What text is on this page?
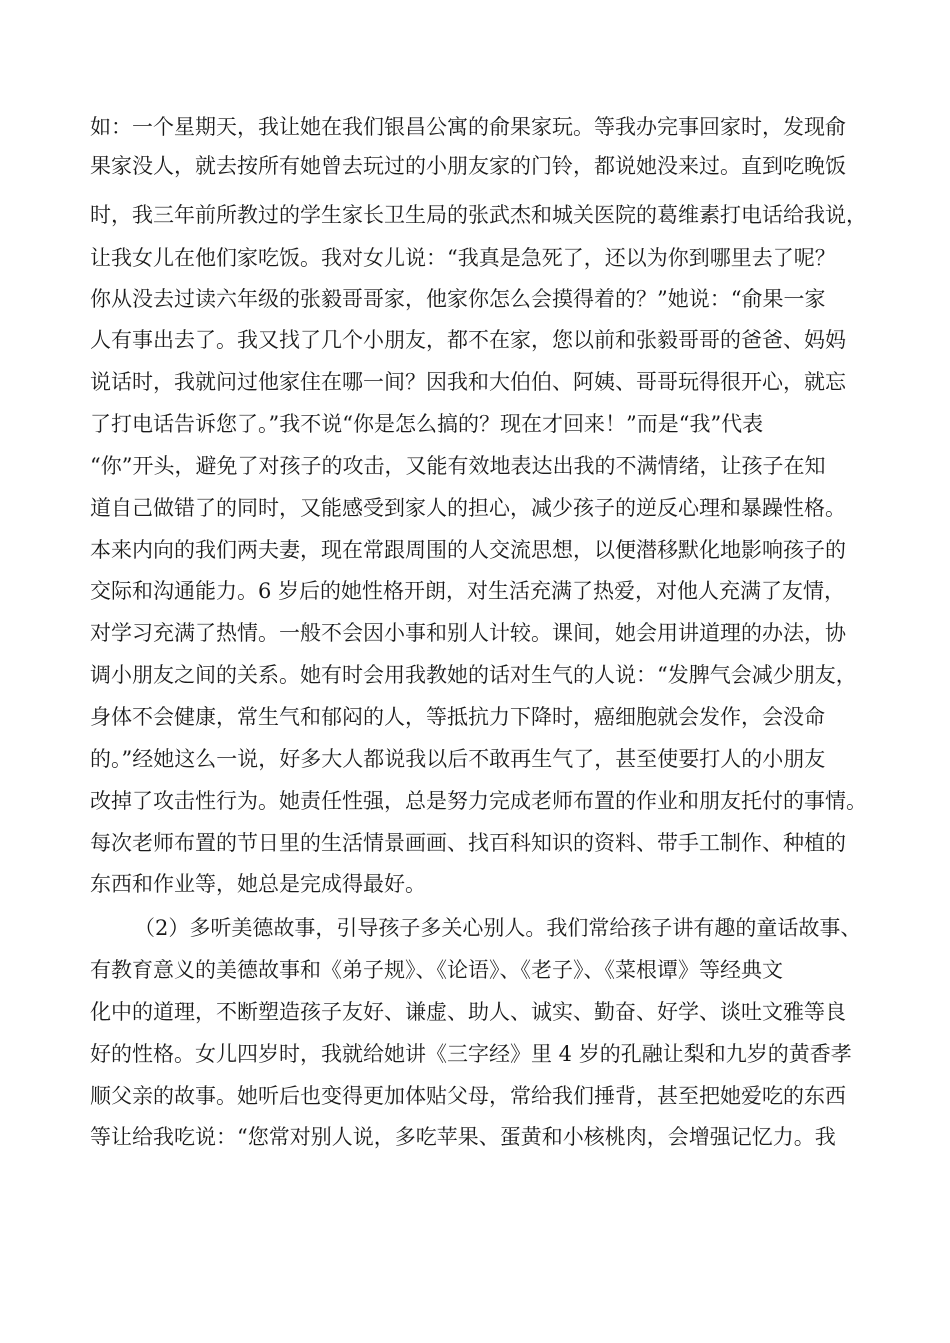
如：一个星期天，我让她在我们银昌公寓的俞果家玩。等我办完事回家时，发现俞
果家没人，就去按所有她曾去玩过的小朋友家的门铃，都说她没来过。直到吃晚饭
时，我三年前所教过的学生家长卫生局的张武杰和城关医院的葛维素打电话给我说，
让我女儿在他们家吃饭。我对女儿说：“我真是急死了，还以为你到哪里去了呢？
你从没去过读六年级的张毅哥哥家，他家你怎么会摸得着的？”她说：“俞果一家
人有事出去了。我又找了几个小朋友，都不在家，您以前和张毅哥哥的爸爸、妈妈
说话时，我就问过他家住在哪一间？因我和大伯伯、阿姨、哥哥玩得很开心，就忘
了打电话告诉您了。”我不说“你是怎么搞的？现在才回来！”而是“我”代表
“你”开头，避免了对孩子的攻击，又能有效地表达出我的不满情绪，让孩子在知
道自己做错了的同时，又能感受到家人的担心，减少孩子的逆反心理和暴躁性格。
本来内向的我们两夫妻，现在常跟周围的人交流思想，以便潜移默化地影响孩子的
交际和沟通能力。6 岁后的她性格开朗，对生活充满了热爱，对他人充满了友情，
对学习充满了热情。一般不会因小事和别人计较。课间，她会用讲道理的办法，协
调小朋友之间的关系。她有时会用我教她的话对生气的人说：“发脾气会减少朋友，
身体不会健康，常生气和郁闷的人，等抵抗力下降时，癌细胞就会发作，会没命
的。”经她这么一说，好多大人都说我以后不敢再生气了，甚至使要打人的小朋友
改掉了攻击性行为。她责任性强，总是努力完成老师布置的作业和朋友托付的事情。
每次老师布置的节日里的生活情景画画、找百科知识的资料、带手工制作、种植的
东西和作业等，她总是完成得最好。
（2）多听美德故事，引导孩子多关心别人。我们常给孩子讲有趣的童话故事、
有教育意义的美德故事和《弟子规》、《论语》、《老子》、《菜根谭》等经典文
化中的道理，不断塑造孩子友好、谦虚、助人、诚实、勤奋、好学、谈吐文雅等良
好的性格。女儿四岁时，我就给她讲《三字经》里 4 岁的孔融让梨和九岁的黄香孝
顺父亲的故事。她听后也变得更加体贴父母，常给我们捶背，甚至把她爱吃的东西
等让给我吃说：“您常对别人说，多吃苹果、蛋黄和小核桃肉，会增强记忆力。我
